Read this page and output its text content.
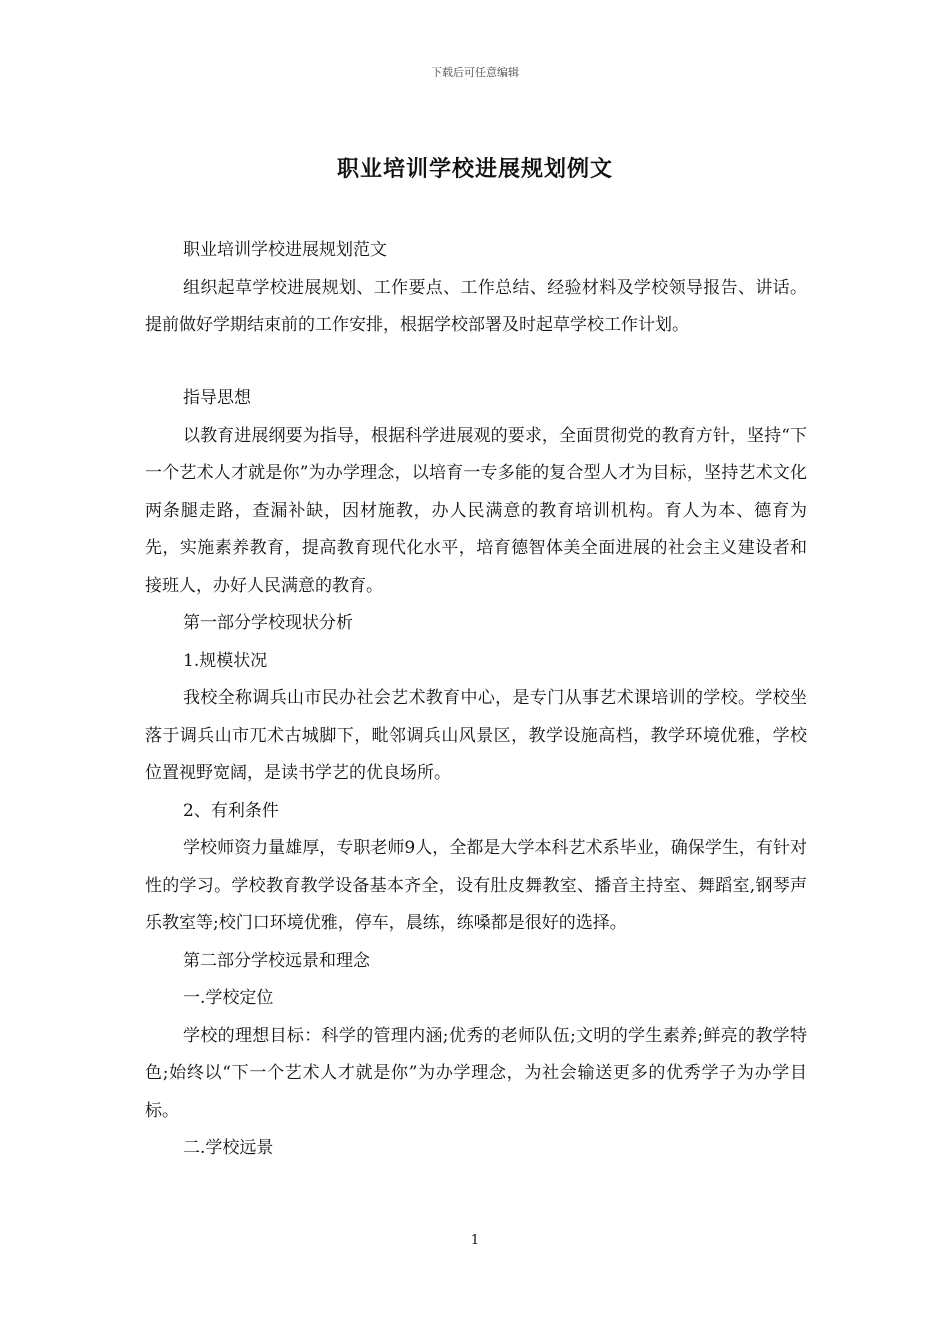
下载后可任意编辑
职业培训学校进展规划例文

职业培训学校进展规划范文

组织起草学校进展规划、工作要点、工作总结、经验材料及学校领导报告、讲话。提前做好学期结束前的工作安排，根据学校部署及时起草学校工作计划。

指导思想

以教育进展纲要为指导，根据科学进展观的要求，全面贯彻党的教育方针，坚持“下一个艺术人才就是你”为办学理念，以培育一专多能的复合型人才为目标，坚持艺术文化两条腿走路，查漏补缺，因材施教，办人民满意的教育培训机构。育人为本、德育为先，实施素养教育，提高教育现代化水平，培育德智体美全面进展的社会主义建设者和接班人，办好人民满意的教育。

第一部分学校现状分析

1.规模状况

我校全称调兵山市民办社会艺术教育中心，是专门从事艺术课培训的学校。学校坐落于调兵山市兀术古城脚下，毗邻调兵山风景区，教学设施高档，教学环境优雅，学校位置视野宽阔，是读书学艺的优良场所。

2、有利条件

学校师资力量雄厚，专职老师9人，全都是大学本科艺术系毕业，确保学生，有针对性的学习。学校教育教学设备基本齐全，设有肚皮舞教室、播音主持室、舞蹈室,钢琴声乐教室等;校门口环境优雅，停车，晨练，练嗓都是很好的选择。

第二部分学校远景和理念

一.学校定位

学校的理想目标：科学的管理内涵;优秀的老师队伍;文明的学生素养;鲜亮的教学特色;始终以“下一个艺术人才就是你”为办学理念，为社会输送更多的优秀学子为办学目标。

二.学校远景

1
